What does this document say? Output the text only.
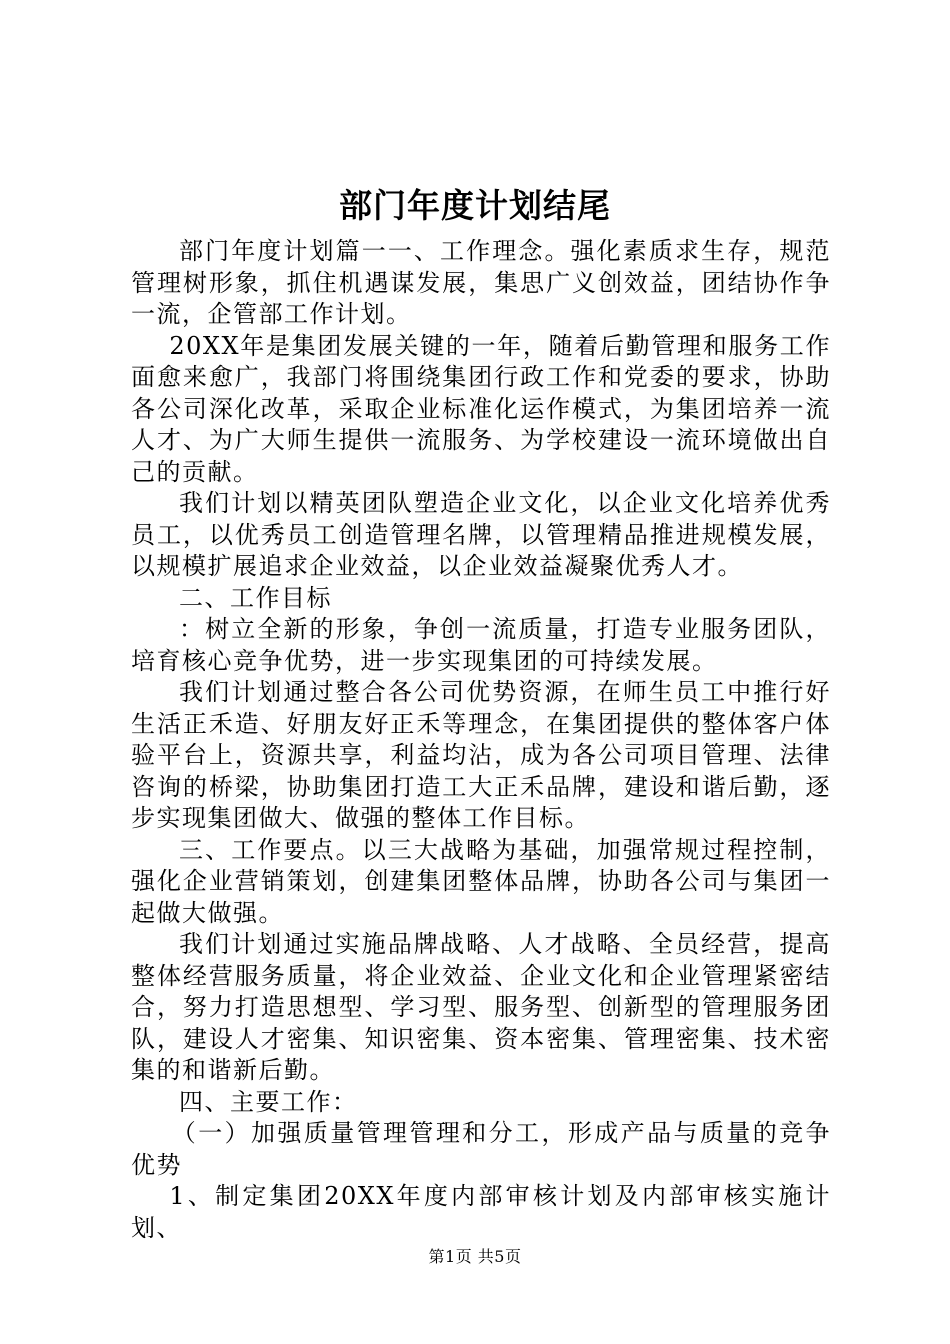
部门年度计划结尾

部门年度计划篇一一、工作理念。强化素质求生存，规范管理树形象，抓住机遇谋发展，集思广义创效益，团结协作争一流，企管部工作计划。

20XX年是集团发展关键的一年，随着后勤管理和服务工作面愈来愈广，我部门将围绕集团行政工作和党委的要求，协助各公司深化改革，采取企业标准化运作模式，为集团培养一流人才、为广大师生提供一流服务、为学校建设一流环境做出自己的贡献。

我们计划以精英团队塑造企业文化，以企业文化培养优秀员工，以优秀员工创造管理名牌，以管理精品推进规模发展，以规模扩展追求企业效益，以企业效益凝聚优秀人才。

二、工作目标

：树立全新的形象，争创一流质量，打造专业服务团队，培育核心竞争优势，进一步实现集团的可持续发展。

我们计划通过整合各公司优势资源，在师生员工中推行好生活正禾造、好朋友好正禾等理念，在集团提供的整体客户体验平台上，资源共享，利益均沾，成为各公司项目管理、法律咨询的桥梁，协助集团打造工大正禾品牌，建设和谐后勤，逐步实现集团做大、做强的整体工作目标。

三、工作要点。以三大战略为基础，加强常规过程控制，强化企业营销策划，创建集团整体品牌，协助各公司与集团一起做大做强。

我们计划通过实施品牌战略、人才战略、全员经营，提高整体经营服务质量，将企业效益、企业文化和企业管理紧密结合，努力打造思想型、学习型、服务型、创新型的管理服务团队，建设人才密集、知识密集、资本密集、管理密集、技术密集的和谐新后勤。

四、主要工作：

（一）加强质量管理管理和分工，形成产品与质量的竞争优势

1、制定集团20XX年度内部审核计划及内部审核实施计划、

第1页 共5页
